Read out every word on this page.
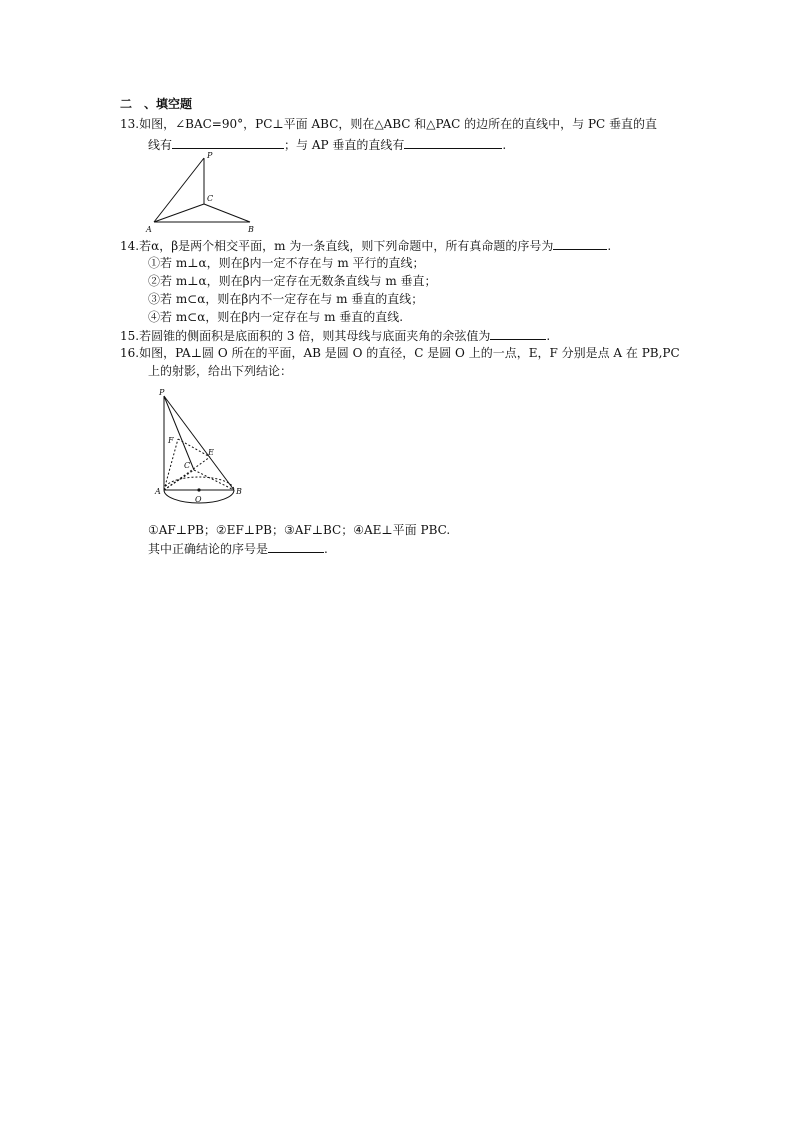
二　、填空题
13.如图，∠BAC=90°，PC⊥平面 ABC，则在△ABC 和△PAC 的边所在的直线中，与 PC 垂直的直
线有	；与 AP 垂直的直线有	.
P
C
A	B
14.若α，β是两个相交平面，m 为一条直线，则下列命题中，所有真命题的序号为	.
①若 m⊥α，则在β内一定不存在与 m 平行的直线；
②若 m⊥α，则在β内一定存在无数条直线与 m 垂直；
③若 m⊂α，则在β内不一定存在与 m 垂直的直线；
④若 m⊂α，则在β内一定存在与 m 垂直的直线.
15.若圆锥的侧面积是底面积的 3 倍，则其母线与底面夹角的余弦值为	.
16.如图，PA⊥圆 O 所在的平面，AB 是圆 O 的直径，C 是圆 O 上的一点，E，F 分别是点 A 在 PB,PC
上的射影，给出下列结论：
P
F
E
C
A
O
B
①AF⊥PB；②EF⊥PB；③AF⊥BC；④AE⊥平面 PBC.
其中正确结论的序号是	.
